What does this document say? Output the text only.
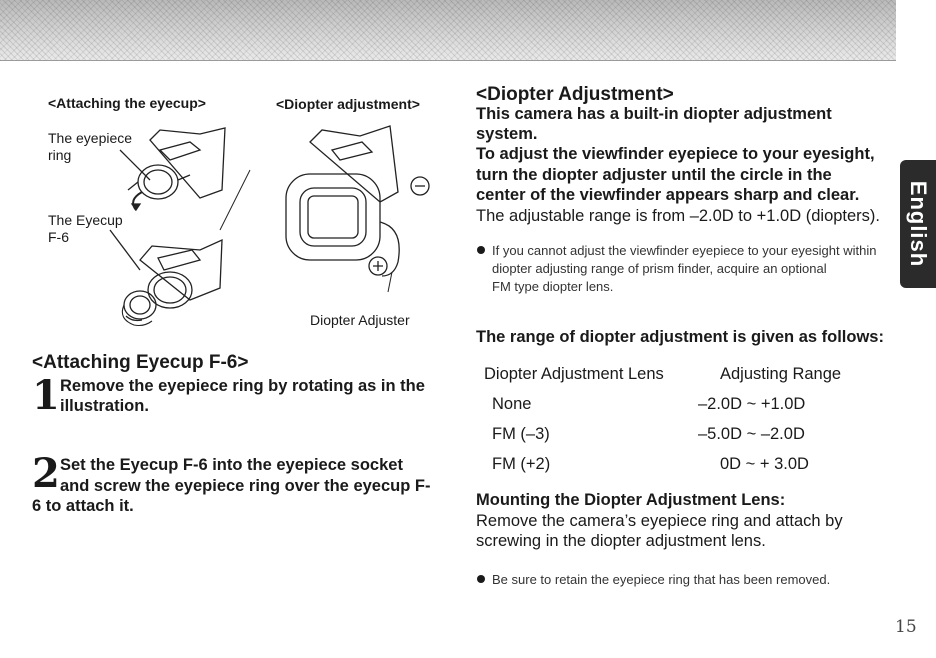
English
<Attaching the eyecup>	<Diopter adjustment>
The eyepiece
ring
The Eyecup
F-6
Diopter Adjuster
<Attaching Eyecup F-6>
1 Remove the eyepiece ring by rotating as in the
illustration.
2 Set the Eyecup F-6 into the eyepiece socket
and screw the eyepiece ring over the eyecup F-
6 to attach it.
<Diopter Adjustment>
This camera has a built-in diopter adjustment
system.
To adjust the viewfinder eyepiece to your eyesight,
turn the diopter adjuster until the circle in the
center of the viewfinder appears sharp and clear.
The adjustable range is from –2.0D to +1.0D (diopters).
If you cannot adjust the viewfinder eyepiece to your eyesight within
diopter adjusting range of prism finder, acquire an optional
FM type diopter lens.
The range of diopter adjustment is given as follows:
Diopter Adjustment Lens	Adjusting Range
None	–2.0D ~ +1.0D
FM (–3)	–5.0D ~ –2.0D
FM (+2)	0D ~ + 3.0D
Mounting the Diopter Adjustment Lens:
Remove the camera’s eyepiece ring and attach by
screwing in the diopter adjustment lens.
Be sure to retain the eyepiece ring that has been removed.
15
